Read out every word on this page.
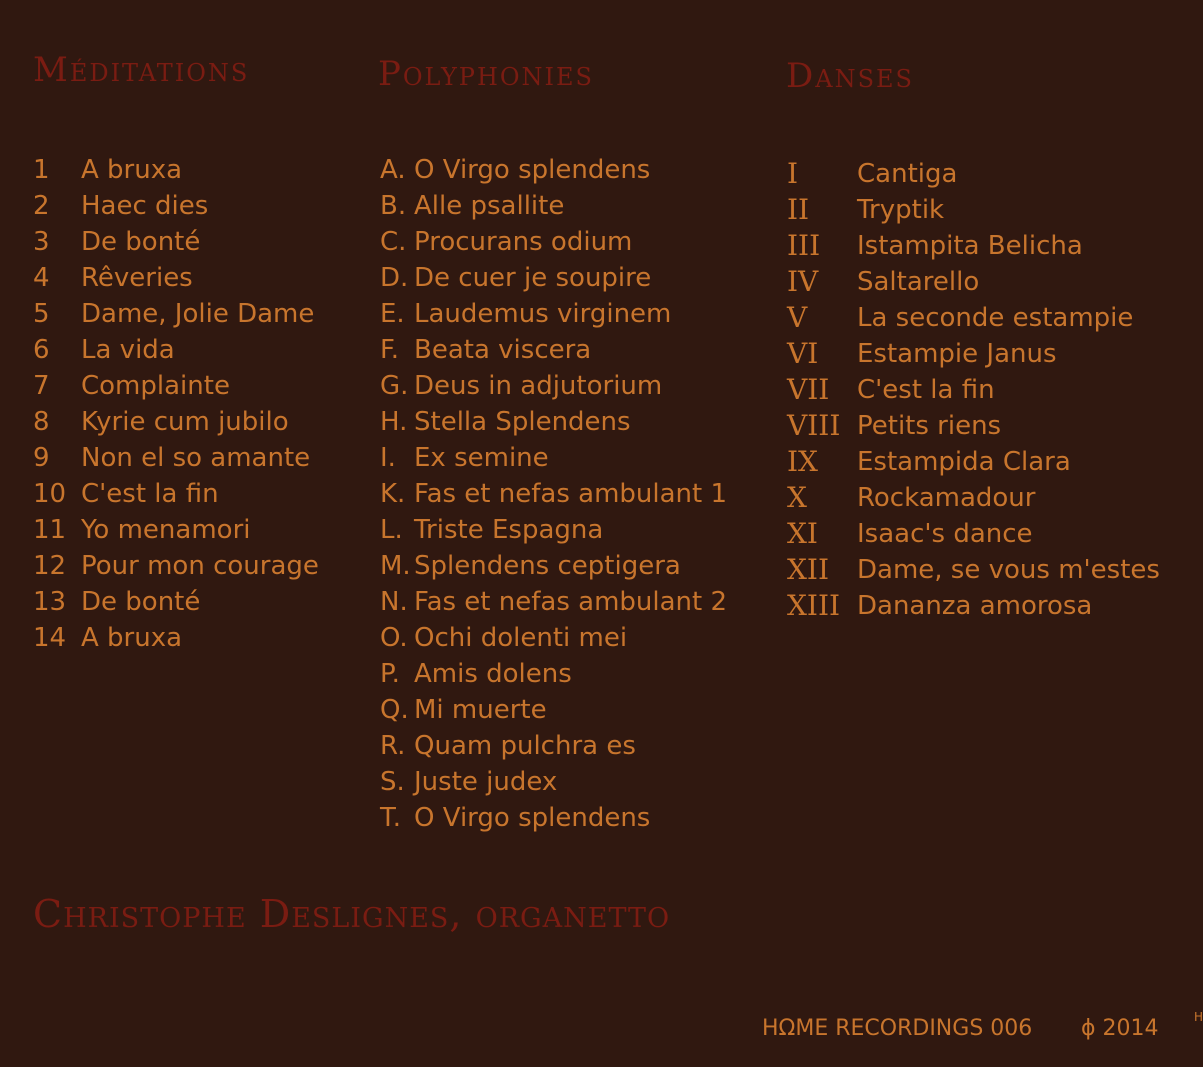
Méditations	Polyphonies	Danses
1	A bruxa
2	Haec dies
3	De bonté
4	Rêveries
5	Dame, Jolie Dame
6	La vida
7	Complainte
8	Kyrie cum jubilo
9	Non el so amante
10 C'est la fin
11 Yo menamori
12 Pour mon courage
13 De bonté
14 A bruxa
A. O Virgo splendens
B. Alle psallite
C. Procurans odium
D. De cuer je soupire
E. Laudemus virginem
F. Beata viscera
G. Deus in adjutorium
H. Stella Splendens
I. Ex semine
K. Fas et nefas ambulant 1
L. Triste Espagna
M. Splendens ceptigera
N. Fas et nefas ambulant 2
O. Ochi dolenti mei
P. Amis dolens
Q. Mi muerte
R. Quam pulchra es
S. Juste judex
T. O Virgo splendens
I	Cantiga
II	Tryptik
III	Istampita Belicha
IV	Saltarello
V	La seconde estampie
VI	Estampie Janus
VII	C'est la fin
VIII Petits riens
IX	Estampida Clara
X	Rockamadour
XI	Isaac's dance
XII	Dame, se vous m'estes
XIII Dananza amorosa
Christophe Deslignes, organetto
HΩME RECORDINGS 006 ɸ 2014	H
